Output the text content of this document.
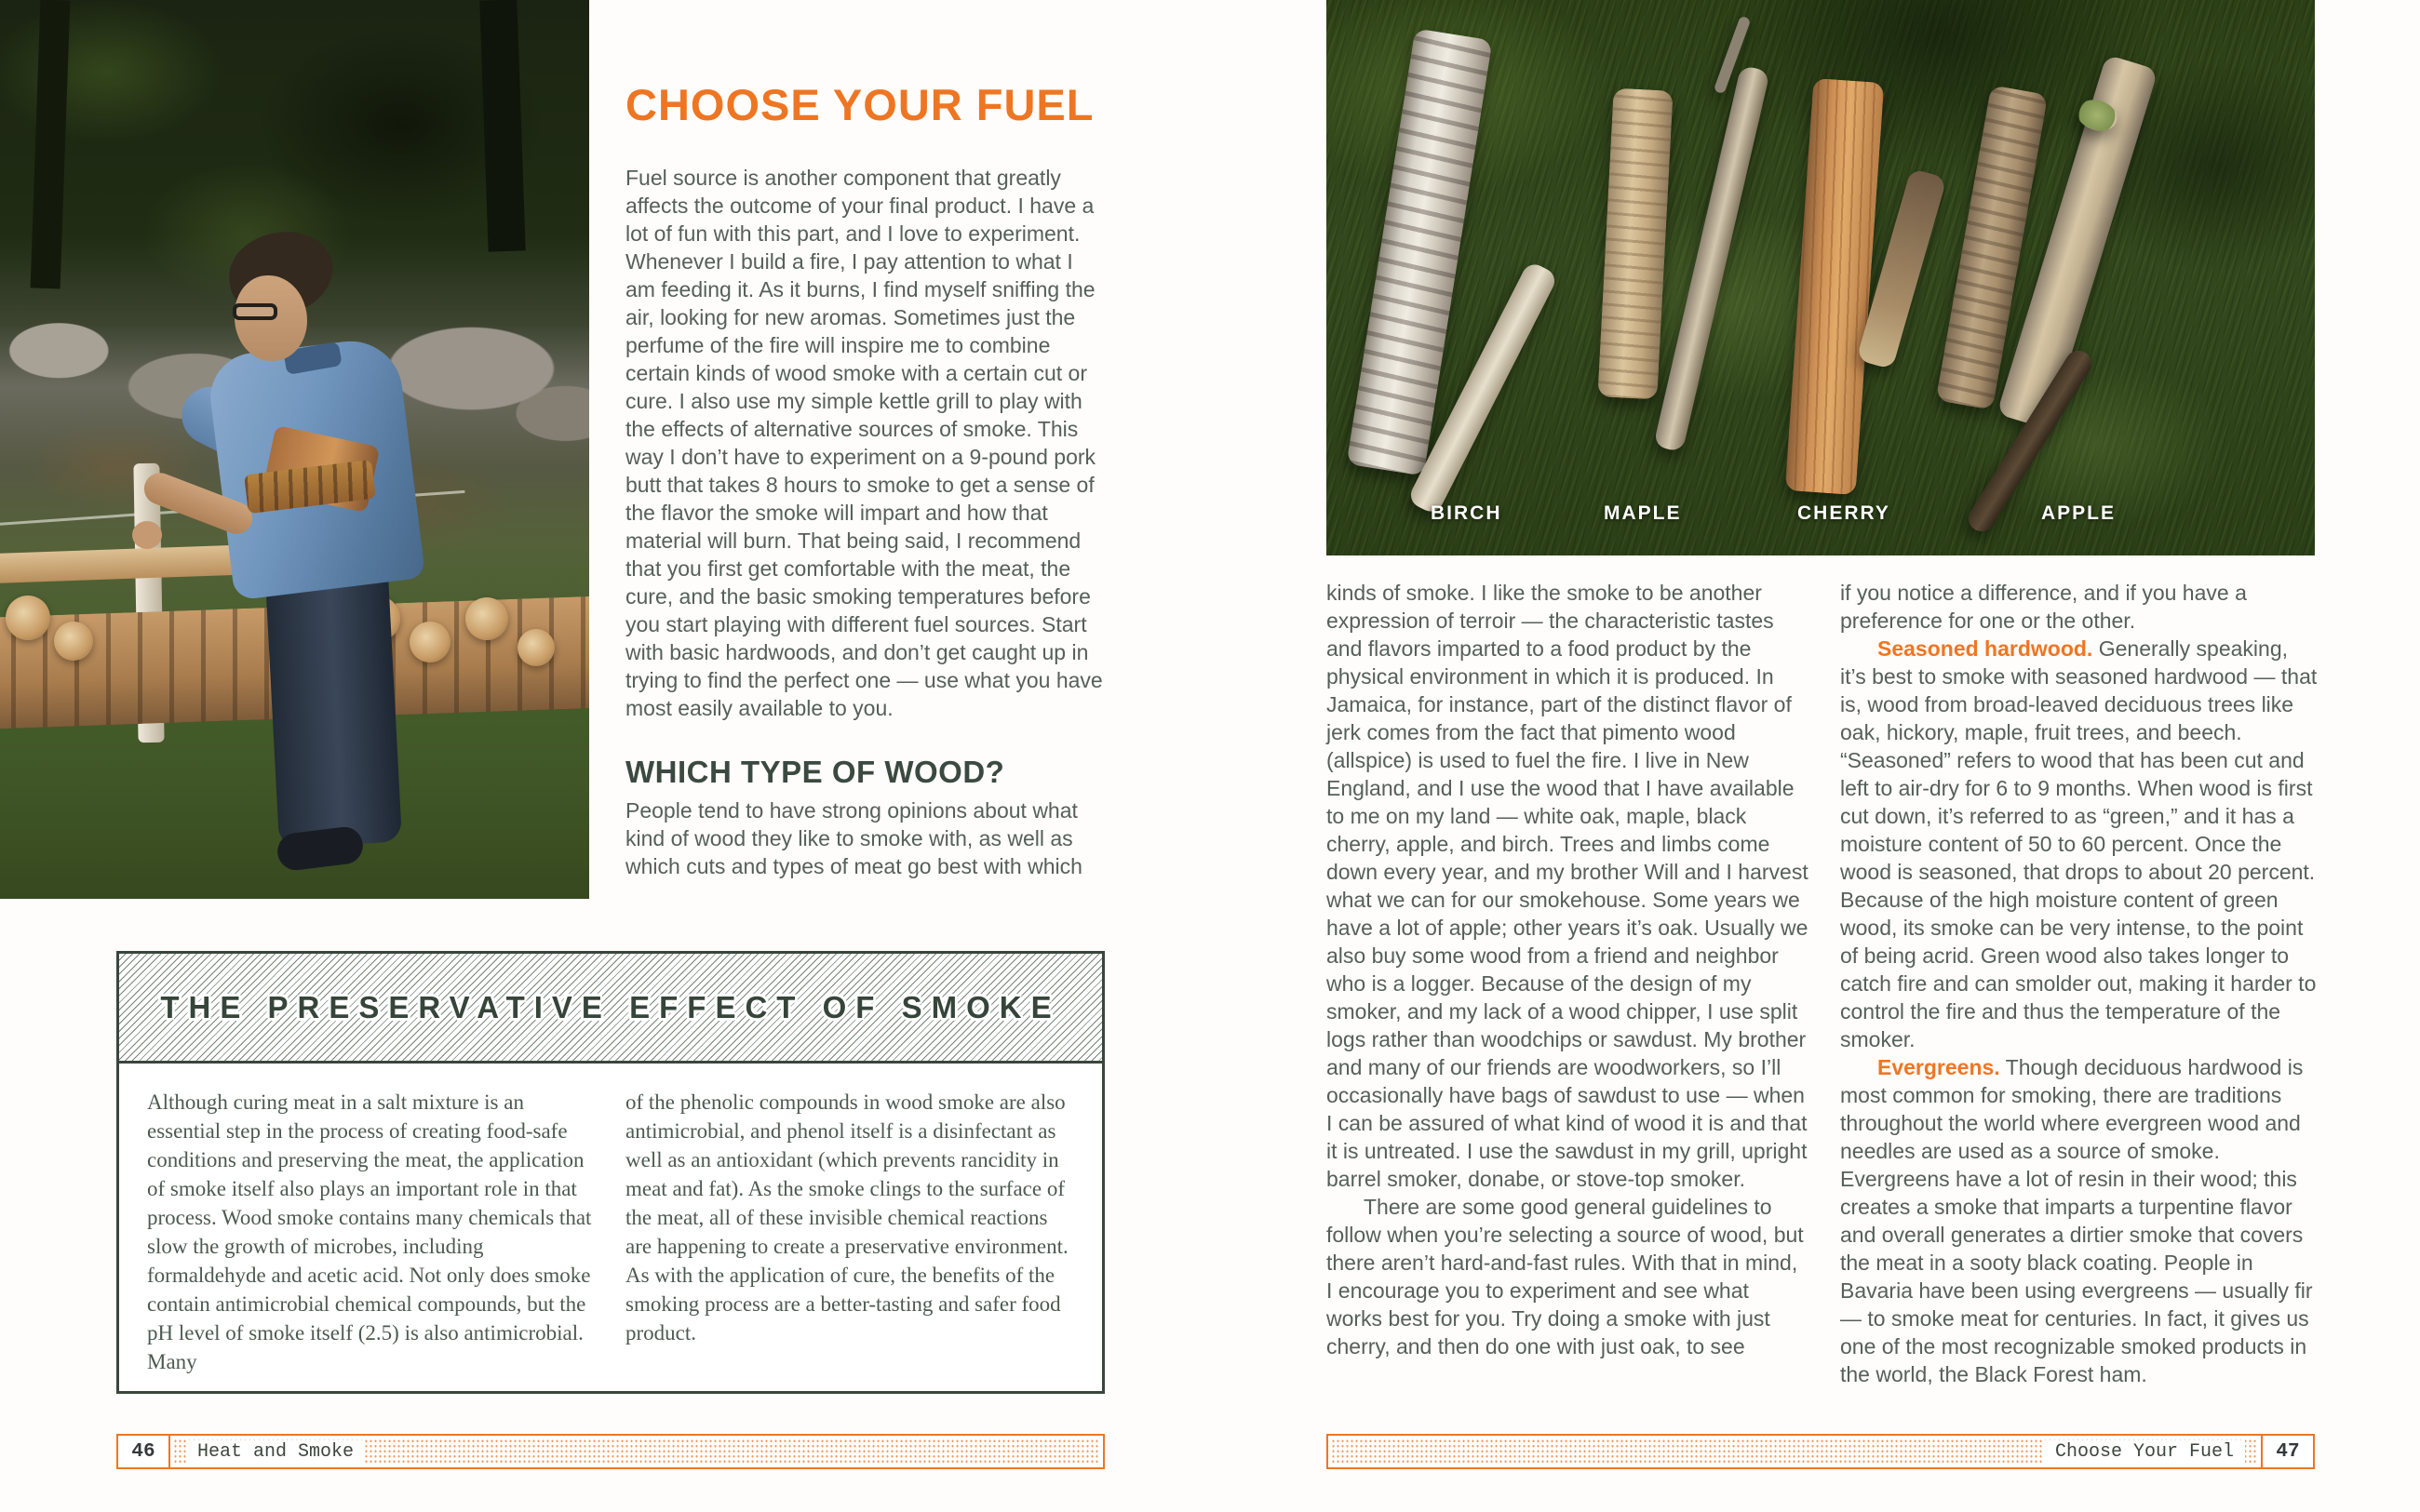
CHOOSE YOUR FUEL

Fuel source is another component that greatly affects the outcome of your final product. I have a lot of fun with this part, and I love to experiment. Whenever I build a fire, I pay attention to what I am feeding it. As it burns, I find myself sniffing the air, looking for new aromas. Sometimes just the perfume of the fire will inspire me to combine certain kinds of wood smoke with a certain cut or cure. I also use my simple kettle grill to play with the effects of alternative sources of smoke. This way I don’t have to experiment on a 9-pound pork butt that takes 8 hours to smoke to get a sense of the flavor the smoke will impart and how that material will burn. That being said, I recommend that you first get comfortable with the meat, the cure, and the basic smoking temperatures before you start playing with different fuel sources. Start with basic hardwoods, and don’t get caught up in trying to find the perfect one — use what you have most easily available to you.

WHICH TYPE OF WOOD?

People tend to have strong opinions about what kind of wood they like to smoke with, as well as which cuts and types of meat go best with which

THE PRESERVATIVE EFFECT OF SMOKE

Although curing meat in a salt mixture is an essential step in the process of creating food-safe conditions and preserving the meat, the application of smoke itself also plays an important role in that process. Wood smoke contains many chemicals that slow the growth of microbes, including formaldehyde and acetic acid. Not only does smoke contain antimicrobial chemical compounds, but the pH level of smoke itself (2.5) is also antimicrobial. Many

of the phenolic compounds in wood smoke are also antimicrobial, and phenol itself is a disinfectant as well as an antioxidant (which prevents rancidity in meat and fat). As the smoke clings to the surface of the meat, all of these invisible chemical reactions are happening to create a preservative environment. As with the application of cure, the benefits of the smoking process are a better-tasting and safer food product.

46	Heat and Smoke
BIRCH	MAPLE	CHERRY	APPLE

kinds of smoke. I like the smoke to be another expression of terroir — the characteristic tastes and flavors imparted to a food product by the physical environment in which it is produced. In Jamaica, for instance, part of the distinct flavor of jerk comes from the fact that pimento wood (allspice) is used to fuel the fire. I live in New England, and I use the wood that I have available to me on my land — white oak, maple, black cherry, apple, and birch. Trees and limbs come down every year, and my brother Will and I harvest what we can for our smokehouse. Some years we have a lot of apple; other years it’s oak. Usually we also buy some wood from a friend and neighbor who is a logger. Because of the design of my smoker, and my lack of a wood chipper, I use split logs rather than woodchips or sawdust. My brother and many of our friends are woodworkers, so I’ll occasionally have bags of sawdust to use — when I can be assured of what kind of wood it is and that it is untreated. I use the sawdust in my grill, upright barrel smoker, donabe, or stove-top smoker.

There are some good general guidelines to follow when you’re selecting a source of wood, but there aren’t hard-and-fast rules. With that in mind, I encourage you to experiment and see what works best for you. Try doing a smoke with just cherry, and then do one with just oak, to see

if you notice a difference, and if you have a preference for one or the other.

Seasoned hardwood. Generally speaking, it’s best to smoke with seasoned hardwood — that is, wood from broad-leaved deciduous trees like oak, hickory, maple, fruit trees, and beech. “Seasoned” refers to wood that has been cut and left to air-dry for 6 to 9 months. When wood is first cut down, it’s referred to as “green,” and it has a moisture content of 50 to 60 percent. Once the wood is seasoned, that drops to about 20 percent. Because of the high moisture content of green wood, its smoke can be very intense, to the point of being acrid. Green wood also takes longer to catch fire and can smolder out, making it harder to control the fire and thus the temperature of the smoker.

Evergreens. Though deciduous hardwood is most common for smoking, there are traditions throughout the world where evergreen wood and needles are used as a source of smoke. Evergreens have a lot of resin in their wood; this creates a smoke that imparts a turpentine flavor and overall generates a dirtier smoke that covers the meat in a sooty black coating. People in Bavaria have been using evergreens — usually fir — to smoke meat for centuries. In fact, it gives us one of the most recognizable smoked products in the world, the Black Forest ham.

Choose Your Fuel	47
